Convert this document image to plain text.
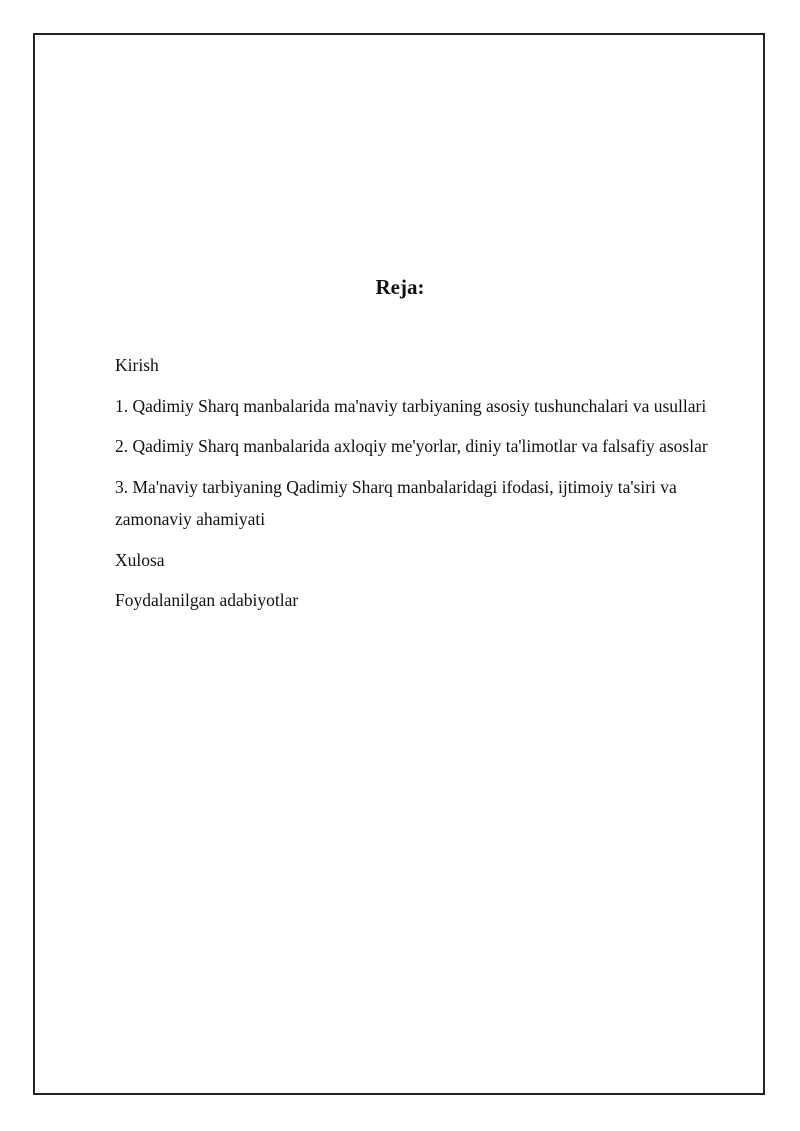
Reja:
Kirish
1. Qadimiy Sharq manbalarida ma'naviy tarbiyaning asosiy tushunchalari va usullari
2. Qadimiy Sharq manbalarida axloqiy me'yorlar, diniy ta'limotlar va falsafiy asoslar
3. Ma'naviy tarbiyaning Qadimiy Sharq manbalaridagi ifodasi, ijtimoiy ta'siri va zamonaviy ahamiyati
Xulosa
Foydalanilgan adabiyotlar
